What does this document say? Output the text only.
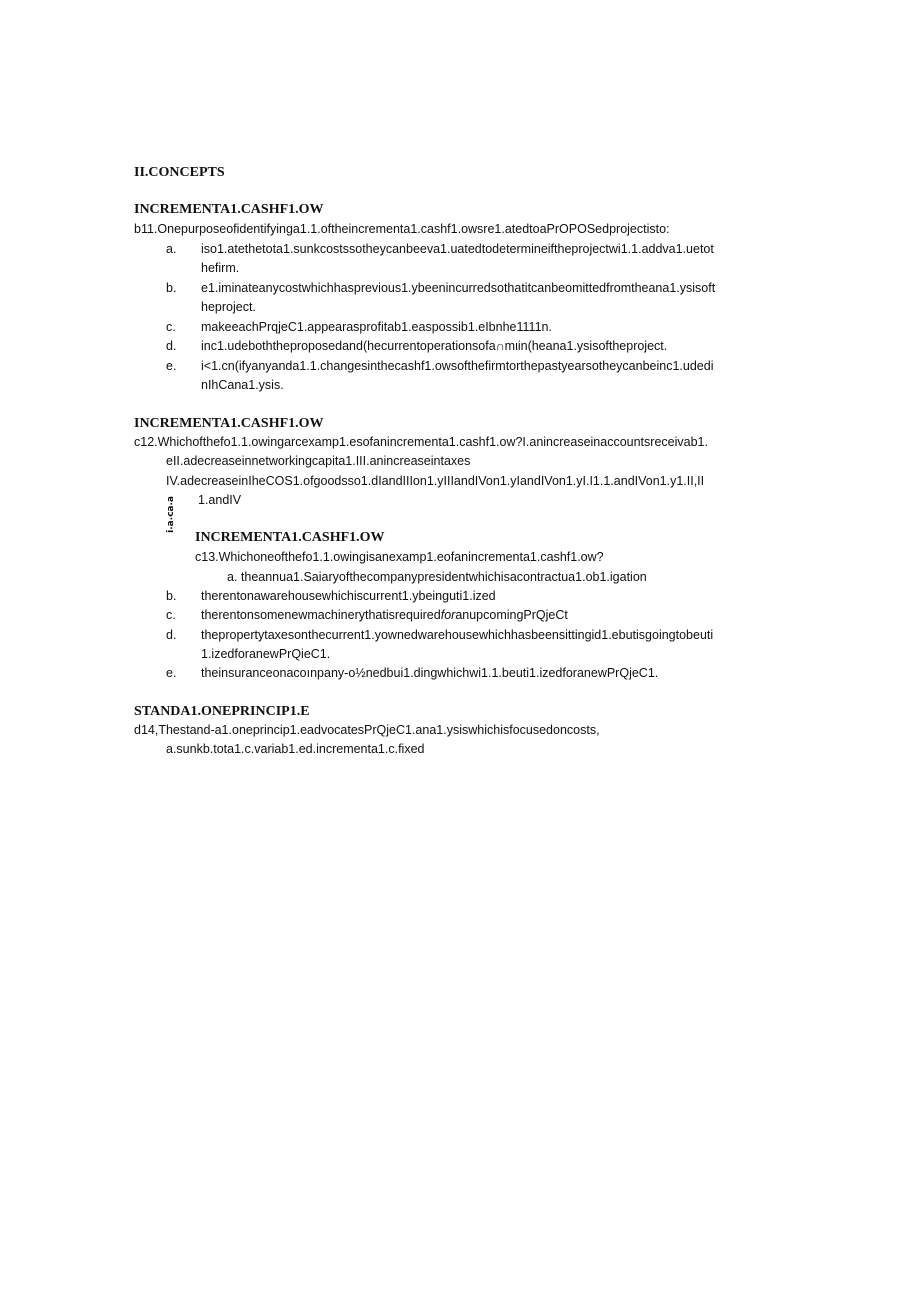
II.CONCEPTS
INCREMENTA1.CASHF1.OW
b11.Onepurposeofidentifyinga1.1.oftheincrementa1.cashf1.owsre1.atedtoaPrOPOSedprojectisto:
a. iso1.atethetota1.sunkcostssotheycanbeeva1.uatedtodetermineiftheprojectwi1.1.addva1.uetot
hefirm.
b. e1.iminateanycostwhichhasprevious1.ybeenincurredsothatitcanbeomittedfromtheana1.ysisoft
heproject.
c. makeeachPrqjeC1.appearasprofitab1.easpossib1.eIbnhe1111n.
d. inc1.udeboththeproposedand(hecurrentoperationsofa∩mιin(heana1.ysisoftheproject.
e. i<1.cn(ifyanyanda1.1.changesinthecashf1.owsofthefirmtorthepastyearsotheycanbeinc1.udedi
nIhCana1.ysis.
INCREMENTA1.CASHF1.OW
c12.Whichofthefo1.1.owingarcexamp1.esofanincrementa1.cashf1.ow?I.anincreaseinaccountsreceivab1.
eII.adecreaseinnetworkingcapita1.III.anincreaseintaxes
IV.adecreaseinIheCOS1.ofgoodsso1.dIandIIIon1.yIIIandIVon1.yIandIVon1.yI.I1.1.andIVon1.y1.II,II
1.andIV
ɐ·ɐɔ·ɐ·ᴉ
INCREMENTA1.CASHF1.OW
c13.Whichoneofthefo1.1.owingisanexamp1.eofanincrementa1.cashf1.ow?
a. theannua1.Saiaryofthecompanypresidentwhichisacontractua1.ob1.igation
b. therentonawarehousewhichiscurrent1.ybeinguti1.ized
c. therentonsomenewmachinerythatisrequiredforanupcomingPrQjeCt
d. thepropertytaxesonthecurrent1.yownedwarehousewhichhasbeensittingid1.ebutisgoingtobeuti
1.izedforanewPrQieC1.
e. theinsuranceonacoınpany-o½nedbui1.dingwhichwi1.1.beuti1.izedforanewPrQjeC1.
STANDA1.ONEPRINCIP1.E
d14,Thestand-a1.oneprincip1.eadvocatesPrQjeC1.ana1.ysiswhichisfocusedoncosts,
a.sunkb.tota1.c.variab1.ed.incrementa1.c.fixed
